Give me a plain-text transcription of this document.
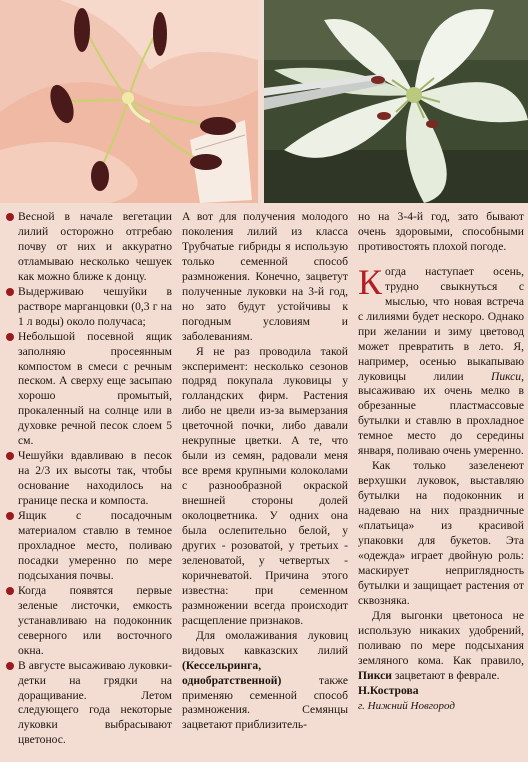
Весной в начале вегетации лилий осторожно отгребаю почву от них и аккуратно отламываю несколько чешуек как можно ближе к донцу.

Выдерживаю чешуйки в растворе марганцовки (0,3 г на 1 л воды) около получаса;

Небольшой посевной ящик заполняю просеянным компостом в смеси с речным песком. А сверху еще засыпаю хорошо промытый, прокаленный на солнце или в духовке речной песок слоем 5 см.

Чешуйки вдавливаю в песок на 2/3 их высоты так, чтобы основание находилось на границе песка и компоста.

Ящик с посадочным материалом ставлю в темное прохладное место, поливаю посадки умеренно по мере подсыхания почвы.

Когда появятся первые зеленые листочки, емкость устанавливаю на подоконник северного или восточного окна.

В августе высаживаю луковки-детки на грядки на доращивание. Летом следующего года некоторые луковки выбрасывают цветонос.

А вот для получения молодого поколения лилий из класса Трубчатые гибриды я использую только семенной способ размножения. Конечно, зацветут полученные луковки на 3-й год, но зато будут устойчивы к погодным условиям и заболеваниям.

Я не раз проводила такой эксперимент: несколько сезонов подряд покупала луковицы у голландских фирм. Растения либо не цвели из-за вымерзания цветочной почки, либо давали некрупные цветки. А те, что были из семян, радовали меня все время крупными колоколами с разнообразной окраской внешней стороны долей околоцветника. У одних она была ослепительно белой, у других - розоватой, у третьих - зеленоватой, у четвертых - коричневатой. Причина этого известна: при семенном размножении всегда происходит расщепление признаков.

Для омолаживания луковиц видовых кавказских лилий (Кессельринга, однобратственной) также применяю семенной способ размножения. Семянцы зацветают приблизитель-

но на 3-4-й год, зато бывают очень здоровыми, способными противостоять плохой погоде.

Когда наступает осень, трудно свыкнуться с мыслью, что новая встреча с лилиями будет нескоро. Однако при желании и зиму цветовод может превратить в лето. Я, например, осенью выкапываю луковицы лилии Пикси, высаживаю их очень мелко в обрезанные пластмассовые бутылки и ставлю в прохладное темное место до середины января, поливаю очень умеренно.

Как только зазеленеют верхушки луковок, выставляю бутылки на подоконник и надеваю на них праздничные «платьица» из красивой упаковки для букетов. Эта «одежда» играет двойную роль: маскирует неприглядность бутылки и защищает растения от сквозняка.

Для выгонки цветоноса не использую никаких удобрений, поливаю по мере подсыхания земляного кома. Как правило, Пикси зацветают в феврале.

Н.Кострова

г. Нижний Новгород
